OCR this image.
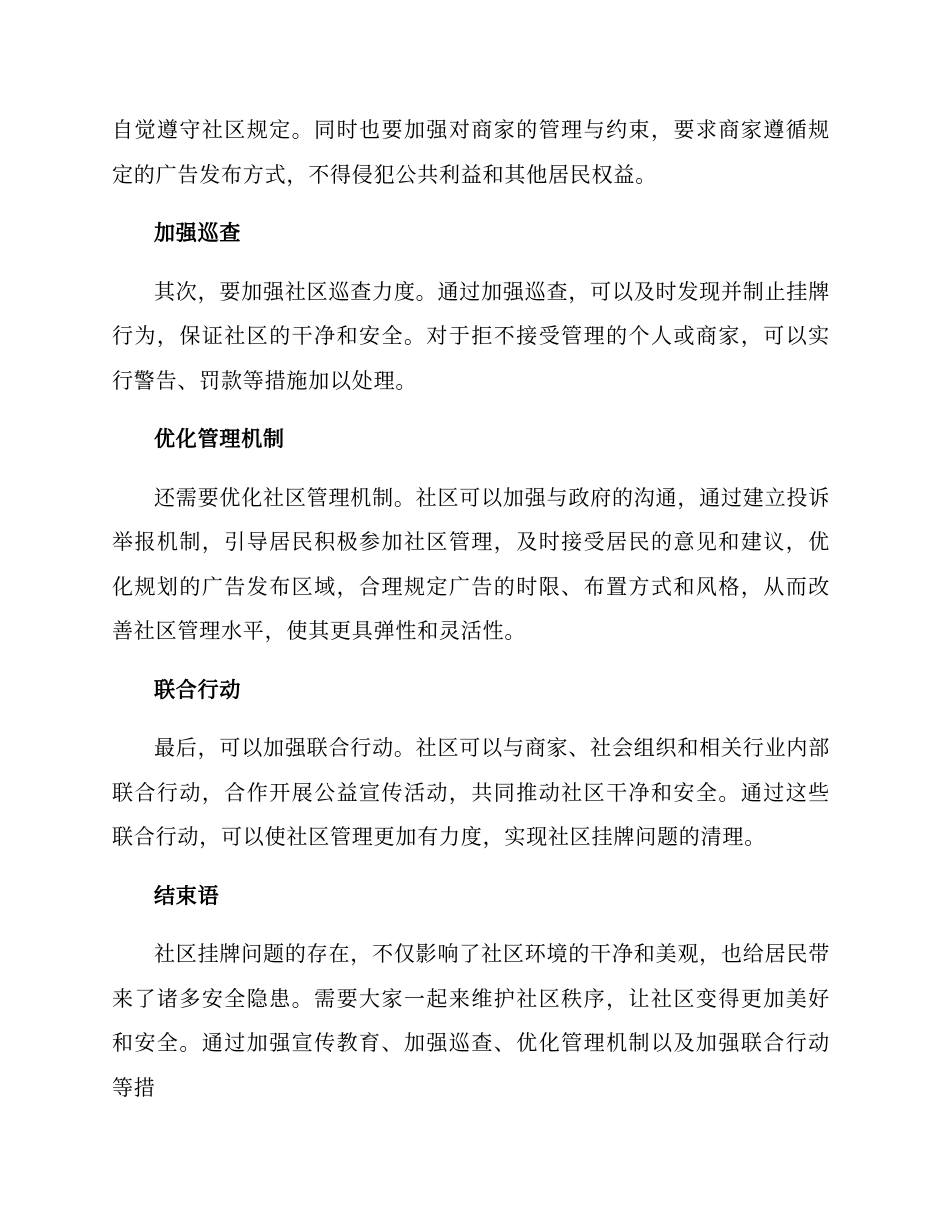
自觉遵守社区规定。同时也要加强对商家的管理与约束，要求商家遵循规定的广告发布方式，不得侵犯公共利益和其他居民权益。

加强巡查

其次，要加强社区巡查力度。通过加强巡查，可以及时发现并制止挂牌行为，保证社区的干净和安全。对于拒不接受管理的个人或商家，可以实行警告、罚款等措施加以处理。

优化管理机制

还需要优化社区管理机制。社区可以加强与政府的沟通，通过建立投诉举报机制，引导居民积极参加社区管理，及时接受居民的意见和建议，优化规划的广告发布区域，合理规定广告的时限、布置方式和风格，从而改善社区管理水平，使其更具弹性和灵活性。

联合行动

最后，可以加强联合行动。社区可以与商家、社会组织和相关行业内部联合行动，合作开展公益宣传活动，共同推动社区干净和安全。通过这些联合行动，可以使社区管理更加有力度，实现社区挂牌问题的清理。

结束语

社区挂牌问题的存在，不仅影响了社区环境的干净和美观，也给居民带来了诸多安全隐患。需要大家一起来维护社区秩序，让社区变得更加美好和安全。通过加强宣传教育、加强巡查、优化管理机制以及加强联合行动等措
